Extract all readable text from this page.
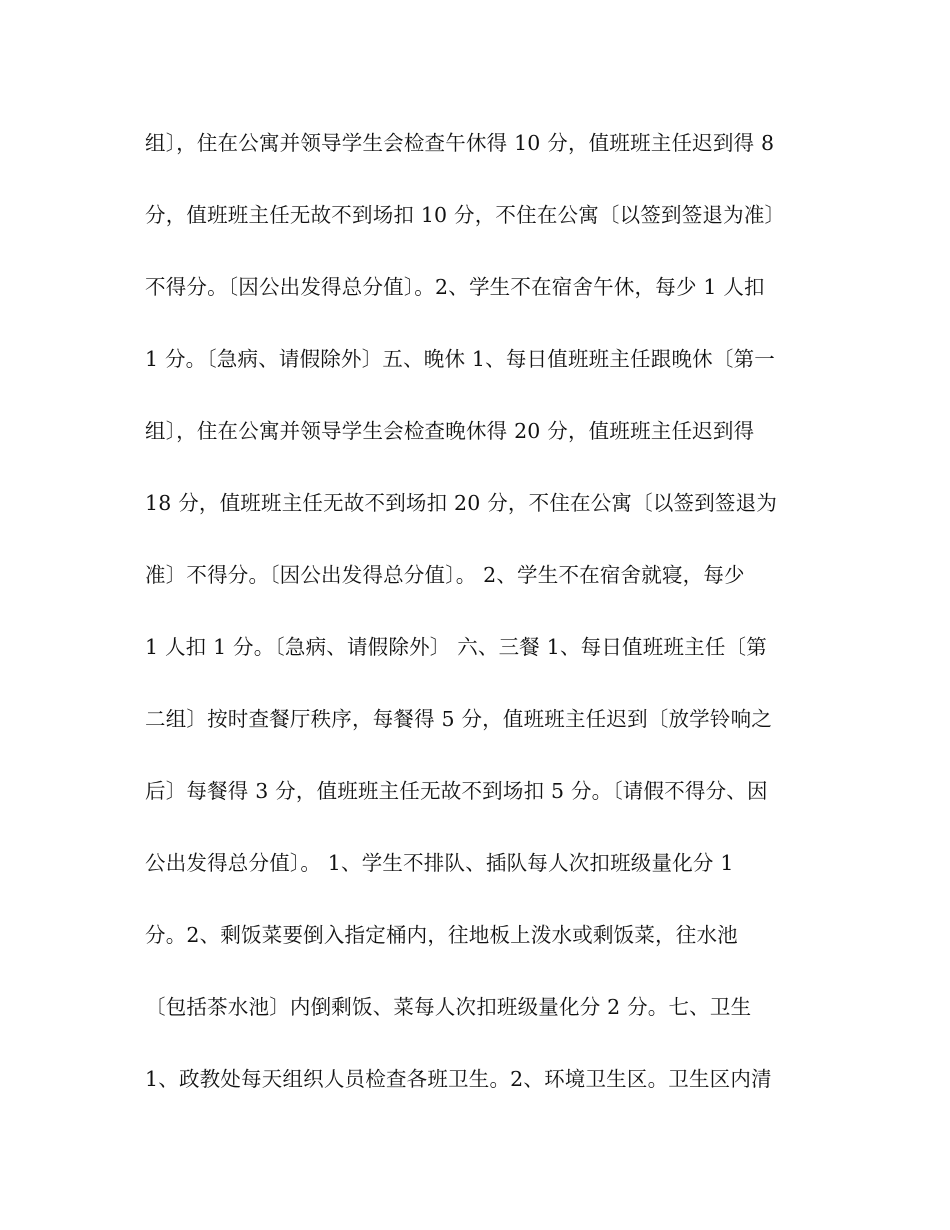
组〕，住在公寓并领导学生会检查午休得 10 分，值班班主任迟到得 8
分，值班班主任无故不到场扣 10 分，不住在公寓〔以签到签退为准〕
不得分。〔因公出发得总分值〕。2、学生不在宿舍午休，每少 1 人扣
1 分。〔急病、请假除外〕五、晚休 1、每日值班班主任跟晚休〔第一
组〕，住在公寓并领导学生会检查晚休得 20 分，值班班主任迟到得
18 分，值班班主任无故不到场扣 20 分，不住在公寓〔以签到签退为
准〕不得分。〔因公出发得总分值〕。 2、学生不在宿舍就寝，每少
1 人扣 1 分。〔急病、请假除外〕 六、三餐 1、每日值班班主任〔第
二组〕按时查餐厅秩序，每餐得 5 分，值班班主任迟到〔放学铃响之
后〕每餐得 3 分，值班班主任无故不到场扣 5 分。〔请假不得分、因
公出发得总分值〕。 1、学生不排队、插队每人次扣班级量化分 1
分。2、剩饭菜要倒入指定桶内，往地板上泼水或剩饭菜，往水池
〔包括茶水池〕内倒剩饭、菜每人次扣班级量化分 2 分。七、卫生
1、政教处每天组织人员检查各班卫生。2、环境卫生区。卫生区内清
